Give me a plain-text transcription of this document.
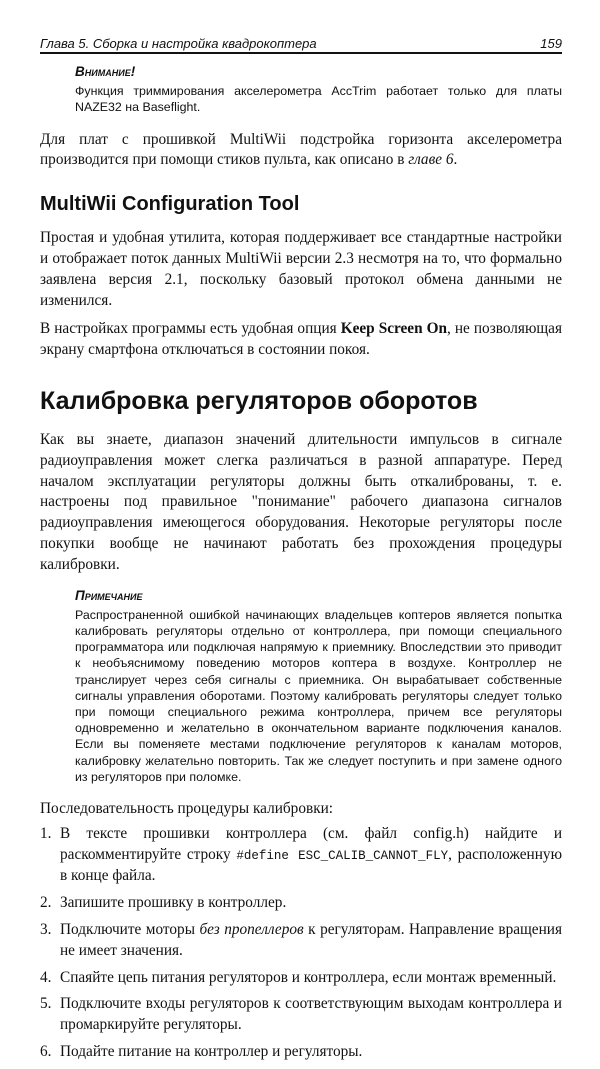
Глава 5. Сборка и настройка квадрокоптера	159
Внимание!
Функция триммирования акселерометра AccTrim работает только для платы NAZE32 на Baseflight.

Для плат с прошивкой MultiWii подстройка горизонта акселерометра производится при помощи стиков пульта, как описано в главе 6.

MultiWii Configuration Tool

Простая и удобная утилита, которая поддерживает все стандартные настройки и отображает поток данных MultiWii версии 2.3 несмотря на то, что формально заявлена версия 2.1, поскольку базовый протокол обмена данными не изменился.

В настройках программы есть удобная опция Keep Screen On, не позволяющая экрану смартфона отключаться в состоянии покоя.

Калибровка регуляторов оборотов

Как вы знаете, диапазон значений длительности импульсов в сигнале радиоуправления может слегка различаться в разной аппаратуре. Перед началом эксплуатации регуляторы должны быть откалиброваны, т. е. настроены под правильное "понимание" рабочего диапазона сигналов радиоуправления имеющегося оборудования. Некоторые регуляторы после покупки вообще не начинают работать без прохождения процедуры калибровки.

Примечание
Распространенной ошибкой начинающих владельцев коптеров является попытка калибровать регуляторы отдельно от контроллера, при помощи специального программатора или подключая напрямую к приемнику. Впоследствии это приводит к необъяснимому поведению моторов коптера в воздухе. Контроллер не транслирует через себя сигналы с приемника. Он вырабатывает собственные сигналы управления оборотами. Поэтому калибровать регуляторы следует только при помощи специального режима контроллера, причем все регуляторы одновременно и желательно в окончательном варианте подключения каналов. Если вы поменяете местами подключение регуляторов к каналам моторов, калибровку желательно повторить. Так же следует поступить и при замене одного из регуляторов при поломке.

Последовательность процедуры калибровки:

1. В тексте прошивки контроллера (см. файл config.h) найдите и раскомментируйте строку #define ESC_CALIB_CANNOT_FLY, расположенную в конце файла.

2. Запишите прошивку в контроллер.

3. Подключите моторы без пропеллеров к регуляторам. Направление вращения не имеет значения.

4. Спаяйте цепь питания регуляторов и контроллера, если монтаж временный.

5. Подключите входы регуляторов к соответствующим выходам контроллера и промаркируйте регуляторы.

6. Подайте питание на контроллер и регуляторы.
